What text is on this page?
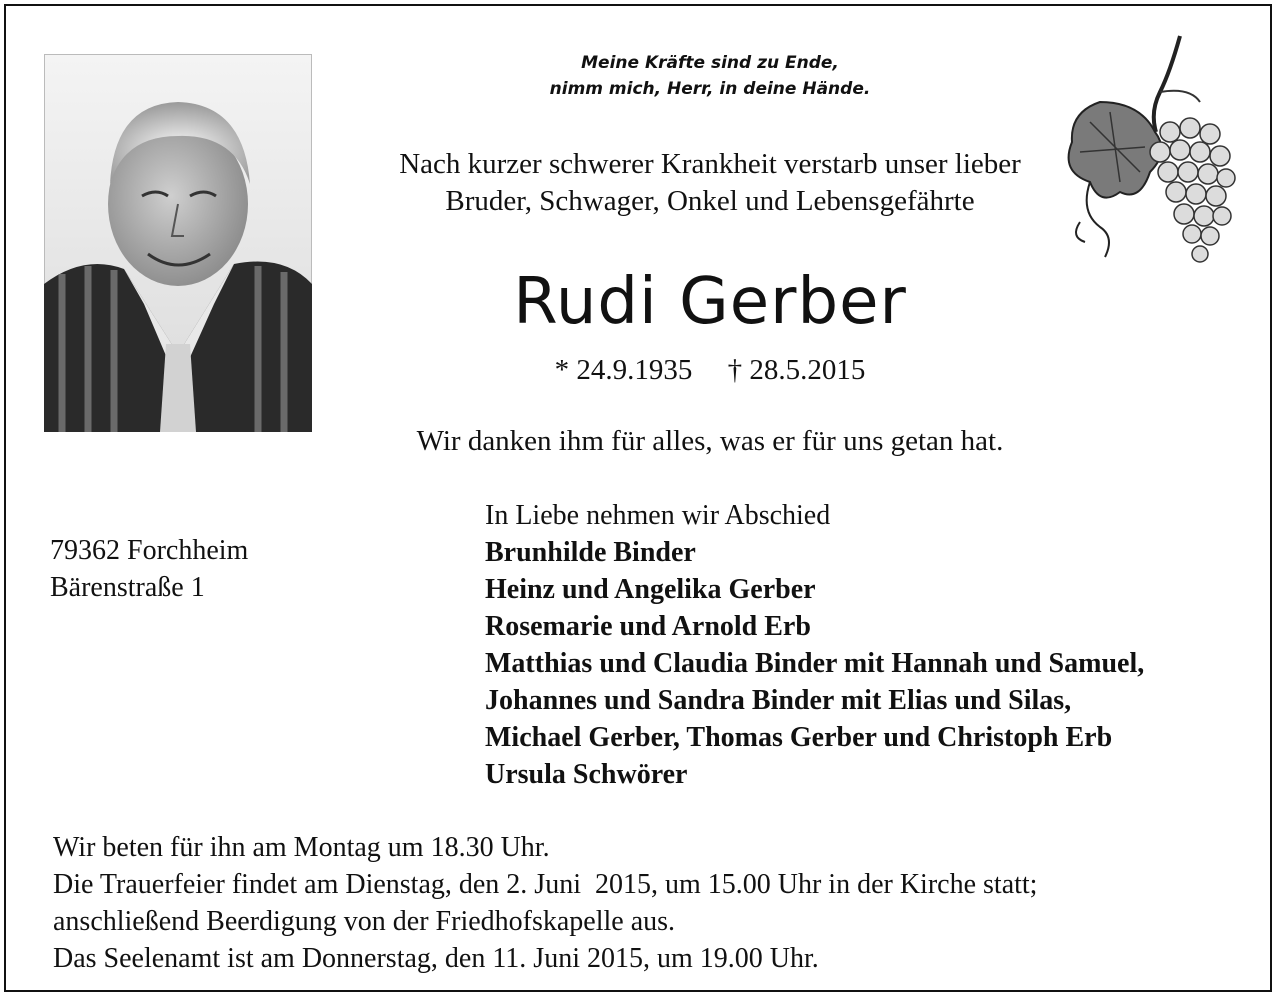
Meine Kräfte sind zu Ende,
nimm mich, Herr, in deine Hände.
Nach kurzer schwerer Krankheit verstarb unser lieber
Bruder, Schwager, Onkel und Lebensgefährte
Rudi Gerber
* 24.9.1935 † 28.5.2015
Wir danken ihm für alles, was er für uns getan hat.
79362 Forchheim
Bärenstraße 1
In Liebe nehmen wir Abschied
Brunhilde Binder
Heinz und Angelika Gerber
Rosemarie und Arnold Erb
Matthias und Claudia Binder mit Hannah und Samuel,
Johannes und Sandra Binder mit Elias und Silas,
Michael Gerber, Thomas Gerber und Christoph Erb
Ursula Schwörer
Wir beten für ihn am Montag um 18.30 Uhr.
Die Trauerfeier findet am Dienstag, den 2. Juni  2015, um 15.00 Uhr in der Kirche statt;
anschließend Beerdigung von der Friedhofskapelle aus.
Das Seelenamt ist am Donnerstag, den 11. Juni 2015, um 19.00 Uhr.
